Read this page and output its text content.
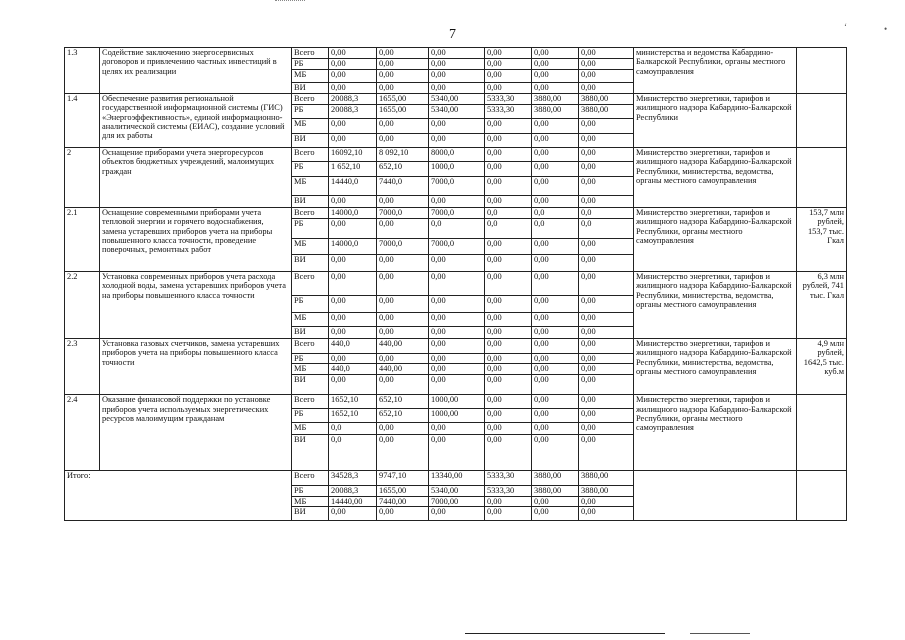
7	‘	•
1.3	Содействие заключению энергосервисных договоров и привлечению частных инвестиций в целях их реализации	Всего	0,00	0,00	0,00	0,00	0,00	0,00	министерства и ведомства Кабардино-Балкарской Республики, органы местного самоуправления	
		РБ	0,00	0,00	0,00	0,00	0,00	0,00		
		МБ	0,00	0,00	0,00	0,00	0,00	0,00		
		ВИ	0,00	0,00	0,00	0,00	0,00	0,00		
1.4	Обеспечение развития региональной государственной информационной системы (ГИС) «Энергоэффективность», единой информационно-аналитической системы (ЕИАС), создание условий для их работы	Всего	20088,3	1655,00	5340,00	5333,30	3880,00	3880,00	Министерство энергетики, тарифов и жилищного надзора Кабардино-Балкарской Республики	
		РБ	20088,3	1655,00	5340,00	5333,30	3880,00	3880,00		
		МБ	0,00	0,00	0,00	0,00	0,00	0,00		
		ВИ	0,00	0,00	0,00	0,00	0,00	0,00		
2	Оснащение приборами учета энергоресурсов объектов бюджетных учреждений, малоимущих граждан	Всего	16092,10	8 092,10	8000,0	0,00	0,00	0,00	Министерство энергетики, тарифов и жилищного надзора Кабардино-Балкарской Республики, министерства, ведомства, органы местного самоуправления	
		РБ	1 652,10	652,10	1000,0	0,00	0,00	0,00		
		МБ	14440,0	7440,0	7000,0	0,00	0,00	0,00		
		ВИ	0,00	0,00	0,00	0,00	0,00	0,00		
2.1	Оснащение современными приборами учета тепловой энергии и горячего водоснабжения, замена устаревших приборов учета на приборы повышенного класса точности, проведение поверочных, ремонтных работ	Всего	14000,0	7000,0	7000,0	0,0	0,0	0,0	Министерство энергетики, тарифов и жилищного надзора Кабардино-Балкарской Республики, органы местного самоуправления	153,7 млн рублей, 153,7 тыс. Гкал
		РБ	0,00	0,00	0,0	0,0	0,0	0,0		
		МБ	14000,0	7000,0	7000,0	0,00	0,00	0,00		
		ВИ	0,00	0,00	0,00	0,00	0,00	0,00		
2.2	Установка современных приборов учета расхода холодной воды, замена устаревших приборов учета на приборы повышенного класса точности	Всего	0,00	0,00	0,00	0,00	0,00	0,00	Министерство энергетики, тарифов и жилищного надзора Кабардино-Балкарской Республики, министерства, ведомства, органы местного самоуправления	6,3 млн рублей, 741 тыс. Гкал
		РБ	0,00	0,00	0,00	0,00	0,00	0,00		
		МБ	0,00	0,00	0,00	0,00	0,00	0,00		
		ВИ	0,00	0,00	0,00	0,00	0,00	0,00		
2.3	Установка газовых счетчиков, замена устаревших приборов учета на приборы повышенного класса точности	Всего	440,0	440,00	0,00	0,00	0,00	0,00	Министерство энергетики, тарифов и жилищного надзора Кабардино-Балкарской Республики, министерства, ведомства, органы местного самоуправления	4,9 млн рублей, 1642,5 тыс. куб.м
		РБ	0,00	0,00	0,00	0,00	0,00	0,00		
		МБ	440,0	440,00	0,00	0,00	0,00	0,00		
		ВИ	0,00	0,00	0,00	0,00	0,00	0,00		
2.4	Оказание финансовой поддержки по установке приборов учета используемых энергетических ресурсов малоимущим гражданам	Всего	1652,10	652,10	1000,00	0,00	0,00	0,00	Министерство энергетики, тарифов и жилищного надзора Кабардино-Балкарской Республики, органы местного самоуправления	
		РБ	1652,10	652,10	1000,00	0,00	0,00	0,00		
		МБ	0,0	0,00	0,00	0,00	0,00	0,00		
		ВИ	0,0	0,00	0,00	0,00	0,00	0,00		
Итого:		Всего	34528,3	9747,10	13340,00	5333,30	3880,00	3880,00		
		РБ	20088,3	1655,00	5340,00	5333,30	3880,00	3880,00		
		МБ	14440,00	7440,00	7000,00	0,00	0,00	0,00		
		ВИ	0,00	0,00	0,00	0,00	0,00	0,00		
